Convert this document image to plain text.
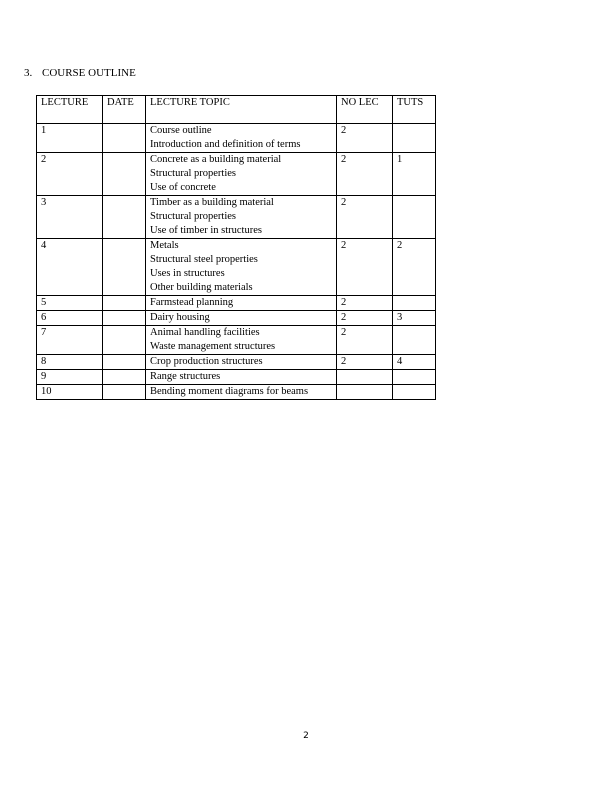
3. COURSE OUTLINE
LECTURE	DATE	LECTURE TOPIC	NO LEC	TUTS
1		Course outline
Introduction and definition of terms	2	
2		Concrete as a building material
Structural properties
Use of concrete	2	1
3		Timber as a building material
Structural properties
Use of timber in structures	2	
4		Metals
Structural steel properties
Uses in structures
Other building materials	2	2
5		Farmstead planning	2	
6		Dairy housing	2	3
7		Animal handling facilities
Waste management structures	2	
8		Crop production structures	2	4
9		Range structures		

10		Bending moment diagrams for beams		

2
